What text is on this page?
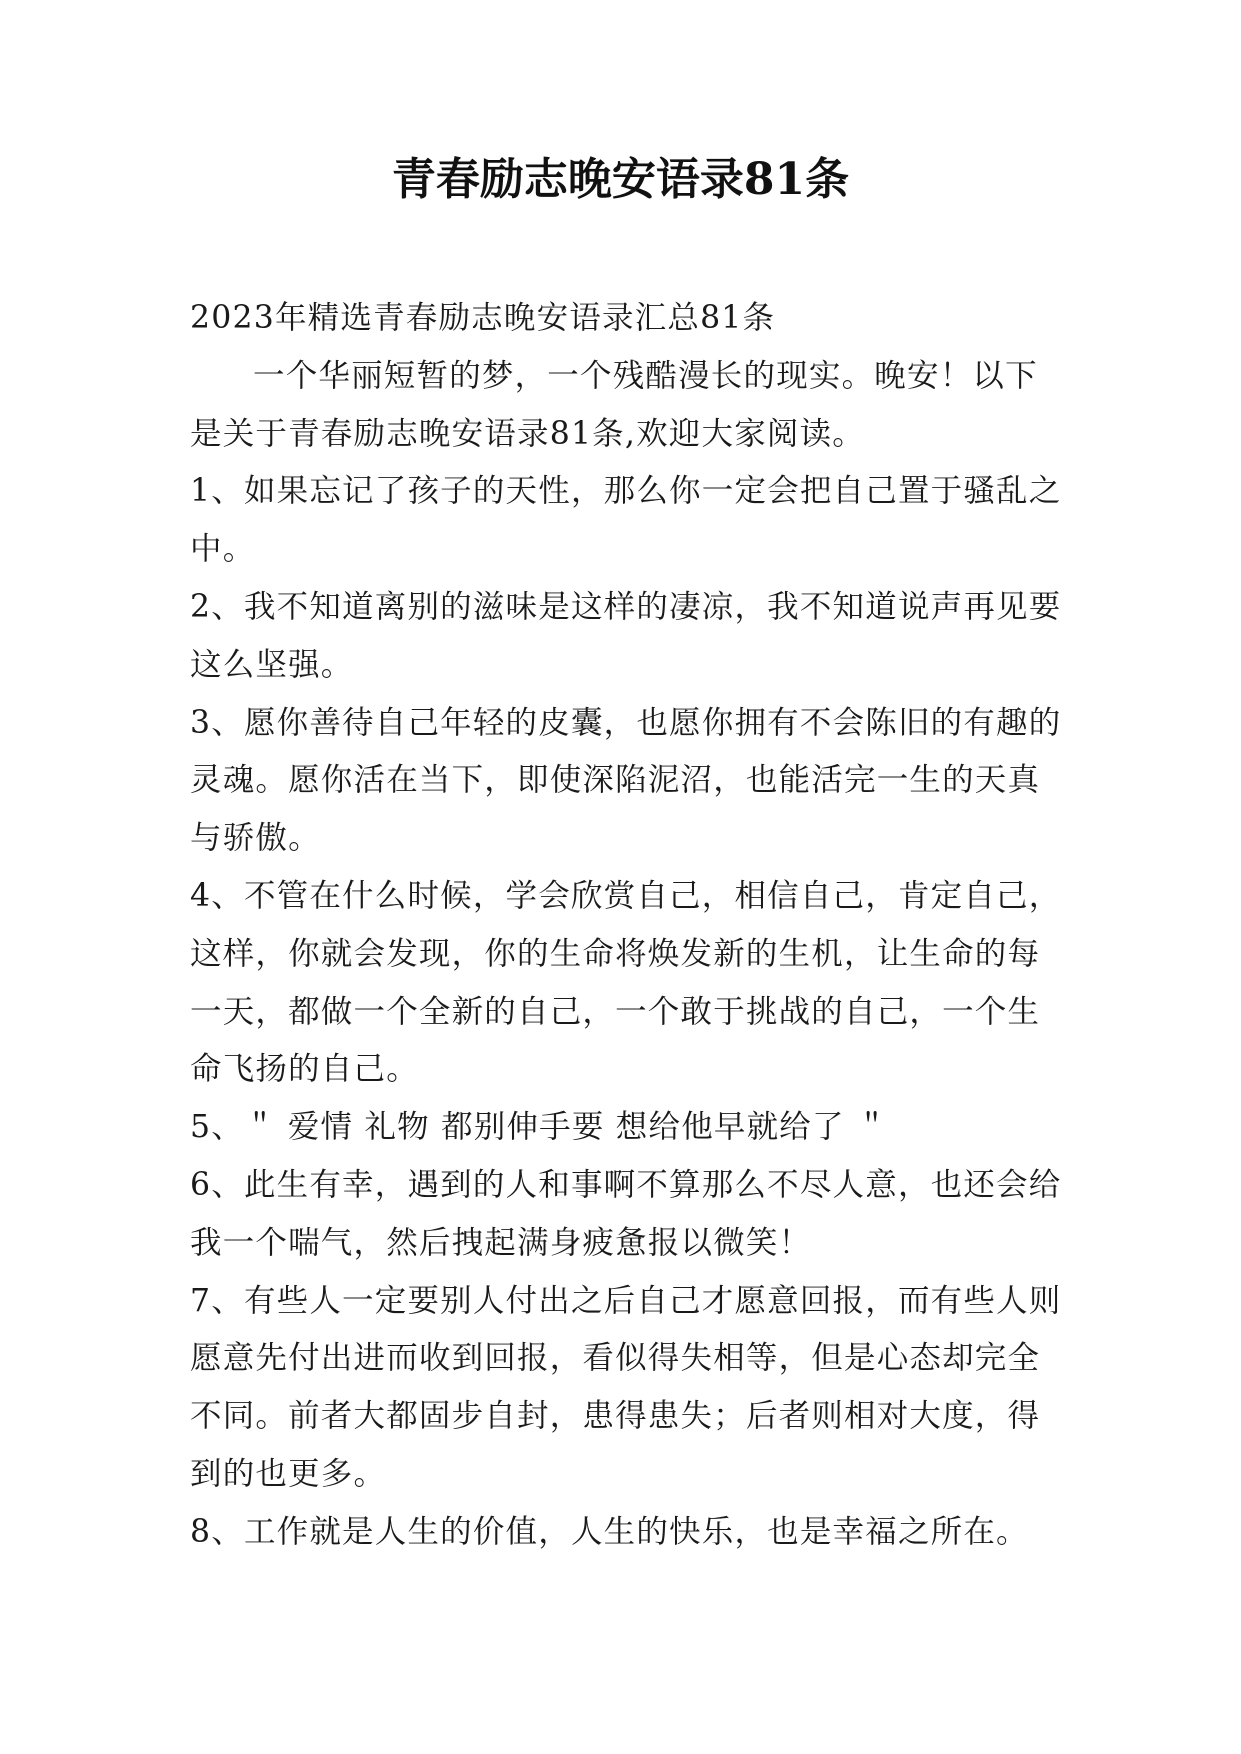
青春励志晚安语录81条

2023年精选青春励志晚安语录汇总81条

一个华丽短暂的梦，一个残酷漫长的现实。晚安！以下是关于青春励志晚安语录81条,欢迎大家阅读。

1、如果忘记了孩子的天性，那么你一定会把自己置于骚乱之中。

2、我不知道离别的滋味是这样的凄凉，我不知道说声再见要这么坚强。

3、愿你善待自己年轻的皮囊，也愿你拥有不会陈旧的有趣的灵魂。愿你活在当下，即使深陷泥沼，也能活完一生的天真与骄傲。

4、不管在什么时候，学会欣赏自己，相信自己，肯定自己，这样，你就会发现，你的生命将焕发新的生机，让生命的每一天，都做一个全新的自己，一个敢于挑战的自己，一个生命飞扬的自己。

5、＂ 爱情 礼物 都别伸手要 想给他早就给了 ＂

6、此生有幸，遇到的人和事啊不算那么不尽人意，也还会给我一个喘气，然后拽起满身疲惫报以微笑！

7、有些人一定要别人付出之后自己才愿意回报，而有些人则愿意先付出进而收到回报，看似得失相等，但是心态却完全不同。前者大都固步自封，患得患失；后者则相对大度，得到的也更多。

8、工作就是人生的价值，人生的快乐，也是幸福之所在。
